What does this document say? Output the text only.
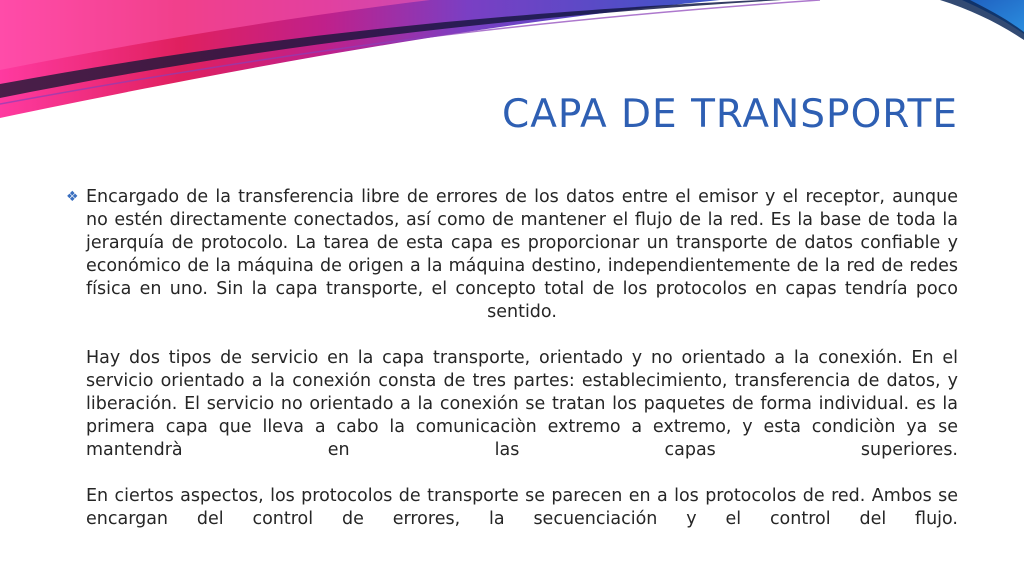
CAPA DE TRANSPORTE
❖ Encargado de la transferencia libre de errores de los datos entre el emisor y el receptor, aunque no estén directamente conectados, así como de mantener el flujo de la red. Es la base de toda la jerarquía de protocolo. La tarea de esta capa es proporcionar un transporte de datos confiable y económico de la máquina de origen a la máquina destino, independientemente de la red de redes física en uno. Sin la capa transporte, el concepto total de los protocolos en capas tendría poco sentido.

Hay dos tipos de servicio en la capa transporte, orientado y no orientado a la conexión. En el servicio orientado a la conexión consta de tres partes: establecimiento, transferencia de datos, y liberación. El servicio no orientado a la conexión se tratan los paquetes de forma individual. es la primera capa que lleva a cabo la comunicaciòn extremo a extremo, y esta condiciòn ya se mantendrà en las capas superiores.

En ciertos aspectos, los protocolos de transporte se parecen en a los protocolos de red. Ambos se encargan del control de errores, la secuenciación y el control del flujo.
